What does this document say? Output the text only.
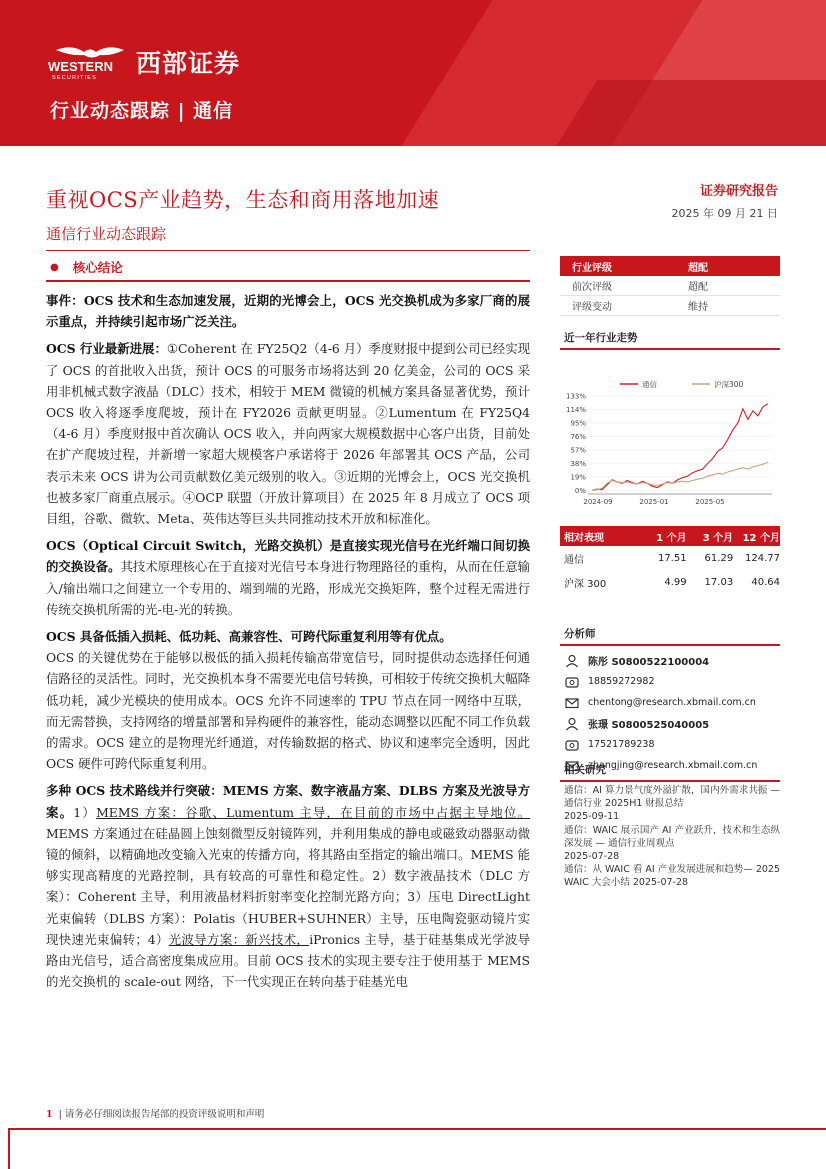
WESTERN
SECURITIES 西部证券
行业动态跟踪 | 通信
重视OCS产业趋势，生态和商用落地加速
通信行业动态跟踪
证券研究报告
2025 年 09 月 21 日
● 核心结论

事件：OCS 技术和生态加速发展，近期的光博会上，OCS 光交换机成为多家厂商的展示重点，并持续引起市场广泛关注。

OCS 行业最新进展：①Coherent 在 FY25Q2（4-6 月）季度财报中提到公司已经实现了 OCS 的首批收入出货，预计 OCS 的可服务市场将达到 20 亿美金，公司的 OCS 采用非机械式数字液晶（DLC）技术，相较于 MEM 微镜的机械方案具备显著优势，预计 OCS 收入将逐季度爬坡，预计在 FY2026 贡献更明显。②Lumentum 在 FY25Q4（4-6 月）季度财报中首次确认 OCS 收入，并向两家大规模数据中心客户出货，目前处在扩产爬坡过程，并新增一家超大规模客户承诺将于 2026 年部署其 OCS 产品，公司表示未来 OCS 讲为公司贡献数亿美元级别的收入。③近期的光博会上，OCS 光交换机也被多家厂商重点展示。④OCP 联盟（开放计算项目）在 2025 年 8 月成立了 OCS 项目组，谷歌、微软、Meta、英伟达等巨头共同推动技术开放和标准化。

OCS（Optical Circuit Switch，光路交换机）是直接实现光信号在光纤端口间切换的交换设备。其技术原理核心在于直接对光信号本身进行物理路径的重构，从而在任意输入/输出端口之间建立一个专用的、端到端的光路，形成光交换矩阵，整个过程无需进行传统交换机所需的光-电-光的转换。

OCS 具备低插入损耗、低功耗、高兼容性、可跨代际重复利用等有优点。

OCS 的关键优势在于能够以极低的插入损耗传输高带宽信号，同时提供动态选择任何通信路径的灵活性。同时，光交换机本身不需要光电信号转换，可相较于传统交换机大幅降低功耗，减少光模块的使用成本。OCS 允许不同速率的 TPU 节点在同一网络中互联，而无需替换，支持网络的增量部署和异构硬件的兼容性，能动态调整以匹配不同工作负载的需求。OCS 建立的是物理光纤通道，对传输数据的格式、协议和速率完全透明，因此 OCS 硬件可跨代际重复利用。

多种 OCS 技术路线并行突破：MEMS 方案、数字液晶方案、DLBS 方案及光波导方案。1）MEMS 方案：谷歌、Lumentum 主导，在目前的市场中占据主导地位。MEMS 方案通过在硅晶圆上蚀刻微型反射镜阵列，并利用集成的静电或磁致动器驱动微镜的倾斜，以精确地改变输入光束的传播方向，将其路由至指定的输出端口。MEMS 能够实现高精度的光路控制，具有较高的可靠性和稳定性。2）数字液晶技术（DLC 方案）：Coherent 主导，利用液晶材料折射率变化控制光路方向；3）压电 DirectLight 光束偏转（DLBS 方案）：Polatis（HUBER+SUHNER）主导，压电陶瓷驱动镜片实现快速光束偏转；4）光波导方案：新兴技术，iPronics 主导，基于硅基集成光学波导路由光信号，适合高密度集成应用。目前 OCS 技术的实现主要专注于使用基于 MEMS 的光交换机的 scale-out 网络，下一代实现正在转向基于硅基光电

行业评级	超配
前次评级	超配
评级变动	维持
近一年行业走势
通信	沪深300
133%
114%
95%
76%
57%
38%
19%
0%
2024-09	2025-01	2025-05
相对表现	1 个月	3 个月 12 个月
通信	17.51	61.29	124.77
沪深 300	4.99	17.03	40.64
分析师
陈彤 S0800522100004
18859272982
chentong@research.xbmail.com.cn
张璟 S0800525040005
17521789238
zhangjing@research.xbmail.com.cn
相关研究
通信：AI 算力景气度外溢扩散，国内外需求共振 — 通信行业 2025H1 财报总结
2025-09-11
通信：WAIC 展示国产 AI 产业跃升，技术和生态纵深发展 — 通信行业周观点
2025-07-28
通信：从 WAIC 看 AI 产业发展进展和趋势— 2025 WAIC 大会小结 2025-07-28
1 | 请务必仔细阅读报告尾部的投资评级说明和声明
